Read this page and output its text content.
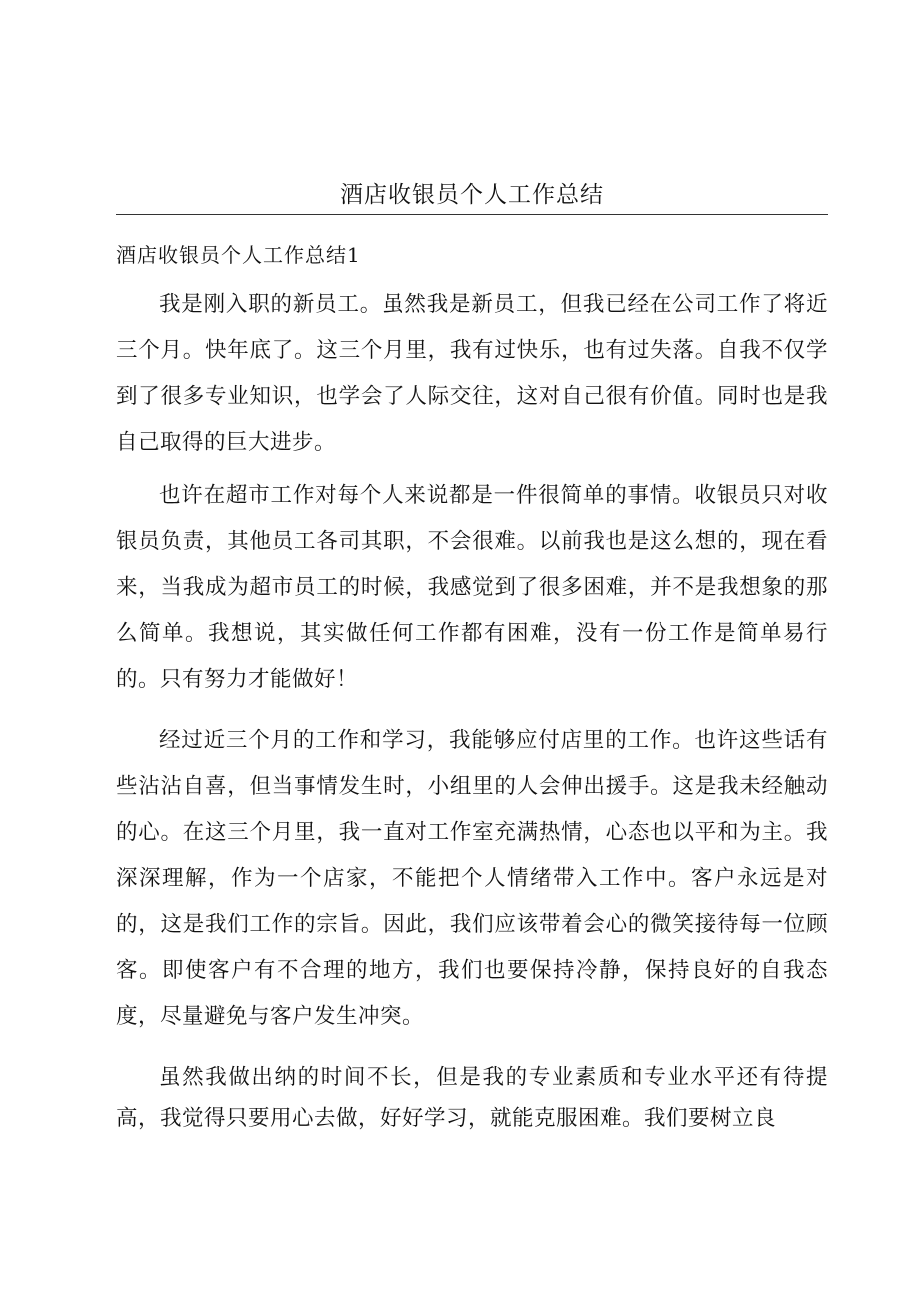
酒店收银员个人工作总结
酒店收银员个人工作总结1

我是刚入职的新员工。虽然我是新员工，但我已经在公司工作了将近三个月。快年底了。这三个月里，我有过快乐，也有过失落。自我不仅学到了很多专业知识，也学会了人际交往，这对自己很有价值。同时也是我自己取得的巨大进步。

也许在超市工作对每个人来说都是一件很简单的事情。收银员只对收银员负责，其他员工各司其职，不会很难。以前我也是这么想的，现在看来，当我成为超市员工的时候，我感觉到了很多困难，并不是我想象的那么简单。我想说，其实做任何工作都有困难，没有一份工作是简单易行的。只有努力才能做好！

经过近三个月的工作和学习，我能够应付店里的工作。也许这些话有些沾沾自喜，但当事情发生时，小组里的人会伸出援手。这是我未经触动的心。在这三个月里，我一直对工作室充满热情，心态也以平和为主。我深深理解，作为一个店家，不能把个人情绪带入工作中。客户永远是对的，这是我们工作的宗旨。因此，我们应该带着会心的微笑接待每一位顾客。即使客户有不合理的地方，我们也要保持冷静，保持良好的自我态度，尽量避免与客户发生冲突。

虽然我做出纳的时间不长，但是我的专业素质和专业水平还有待提高，我觉得只要用心去做，好好学习，就能克服困难。我们要树立良
